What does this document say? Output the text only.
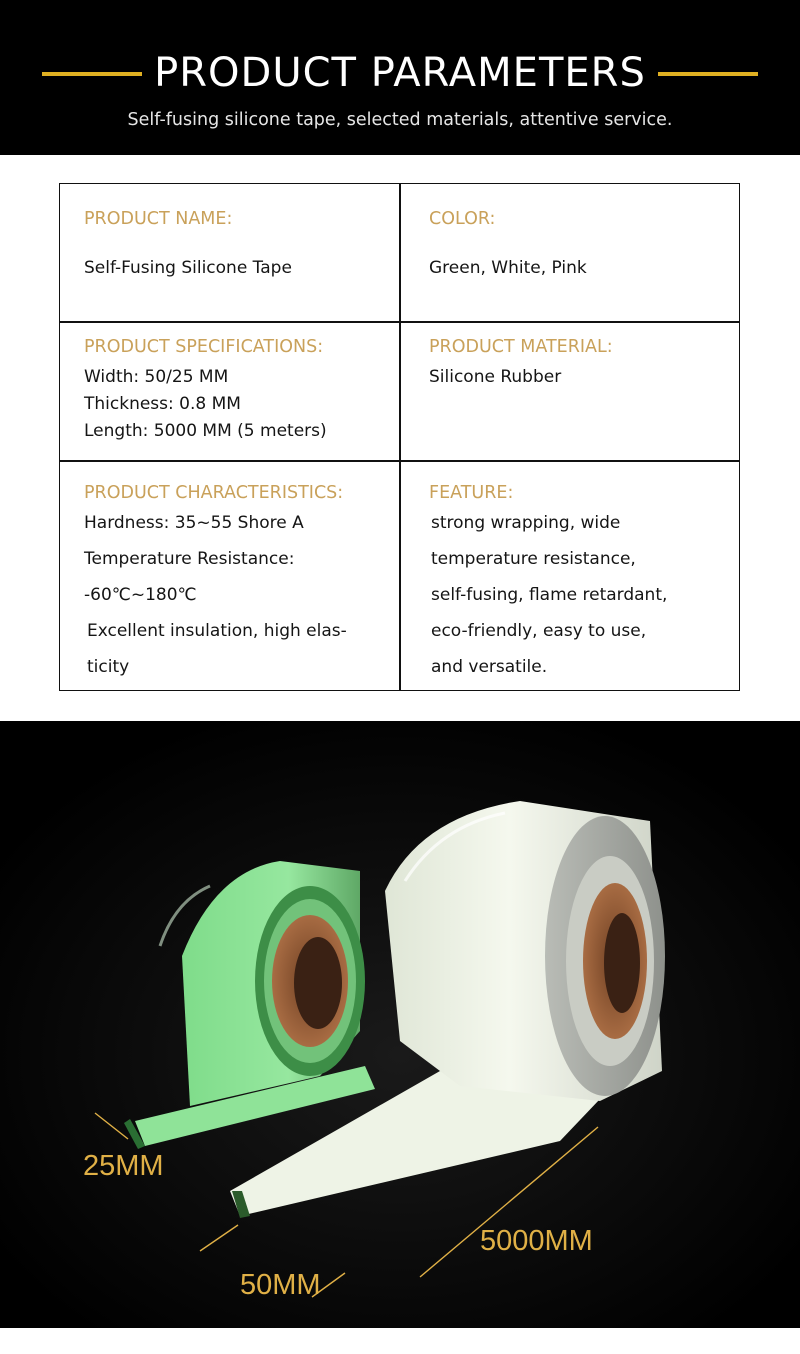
PRODUCT PARAMETERS
Self-fusing silicone tape, selected materials, attentive service.
PRODUCT NAME:
Self-Fusing Silicone Tape
COLOR:
Green, White, Pink
PRODUCT SPECIFICATIONS:
Width: 50/25 MM
Thickness: 0.8 MM
Length: 5000 MM (5 meters)
PRODUCT MATERIAL:
Silicone Rubber
PRODUCT CHARACTERISTICS:
Hardness: 35~55 Shore A
Temperature Resistance:
-60℃~180℃
Excellent insulation, high elas-
ticity
FEATURE:
strong wrapping, wide
temperature resistance,
self-fusing, flame retardant,
eco-friendly, easy to use,
and versatile.
25MM
50MM
5000MM
